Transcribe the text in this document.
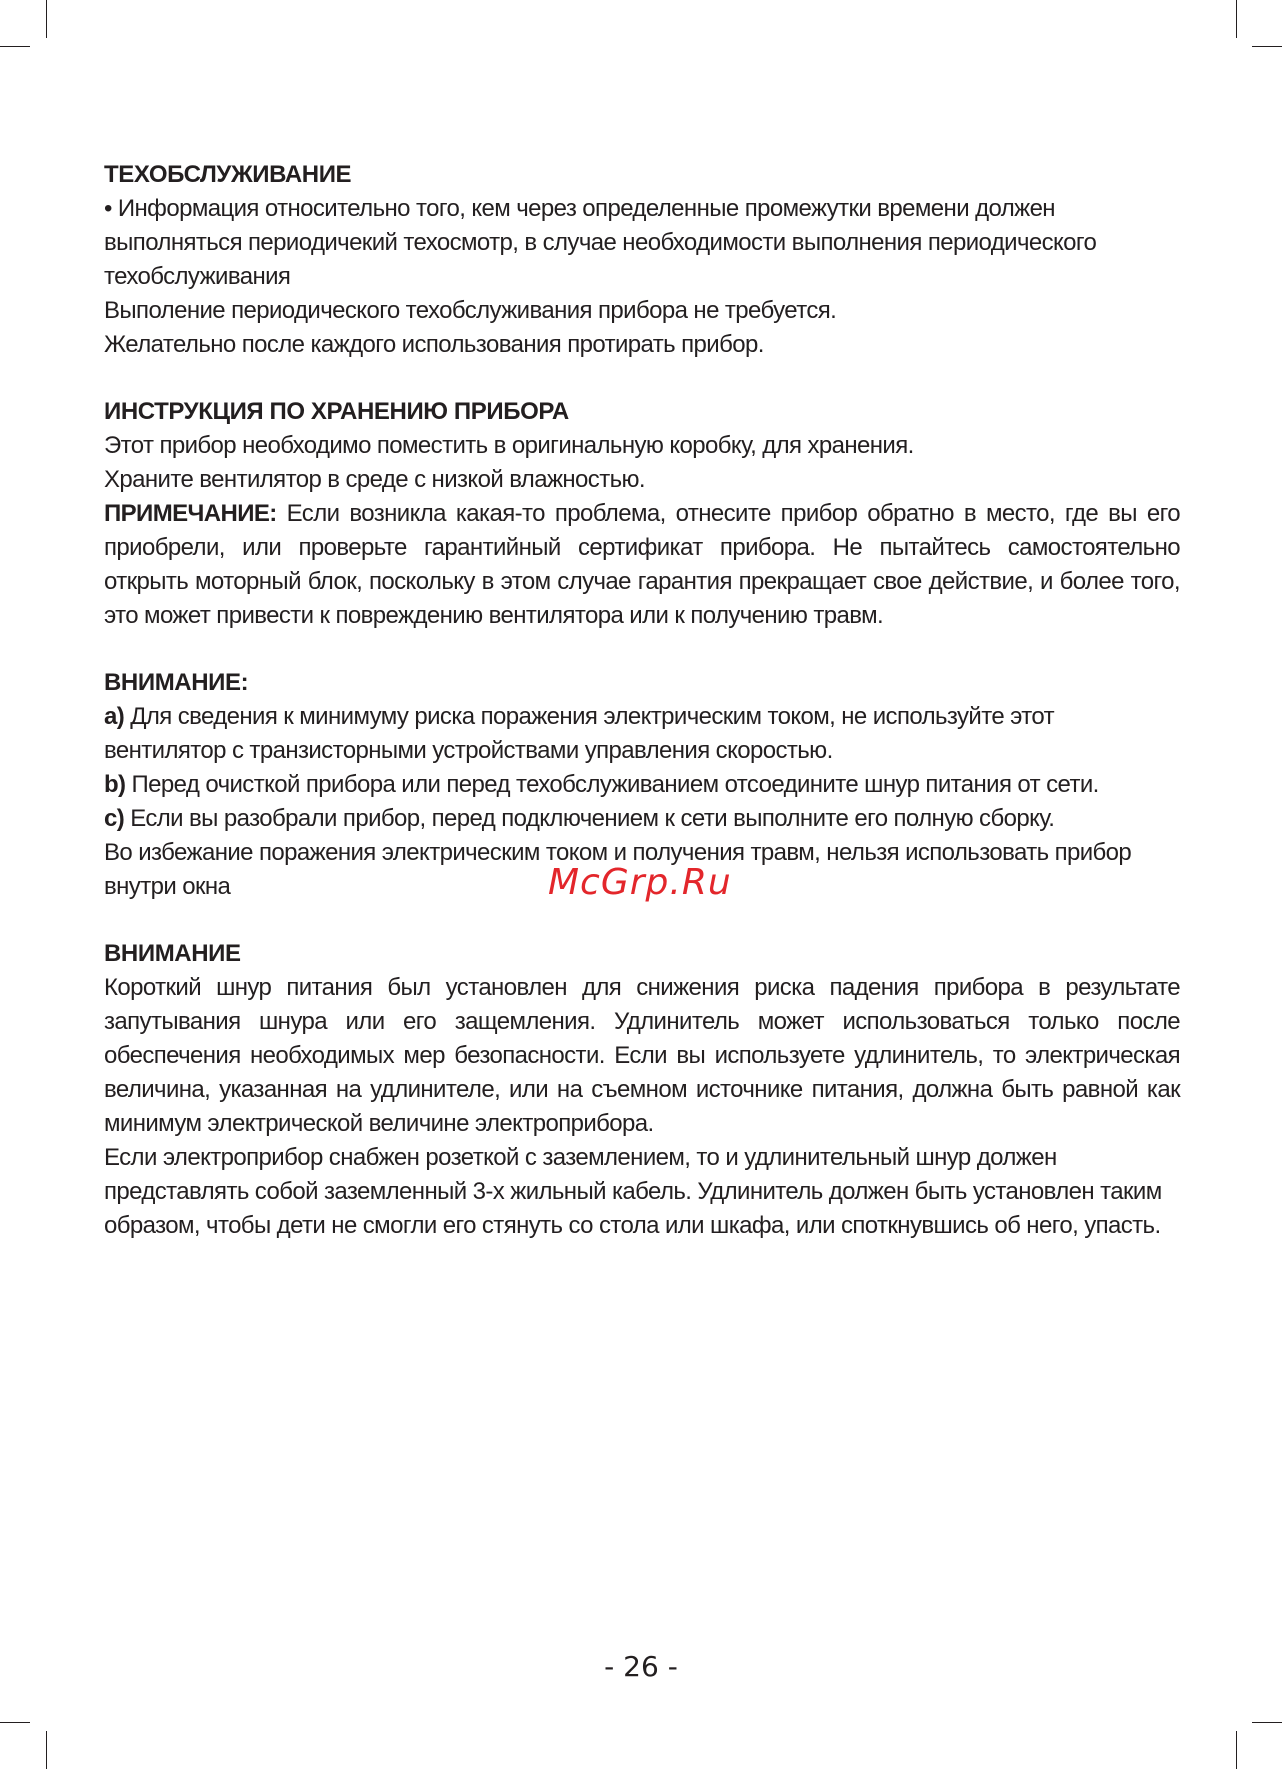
ТЕХОБСЛУЖИВАНИЕ

• Информация относительно того, кем через определенные промежутки времени должен выполняться периодичекий техосмотр, в случае необходимости выполнения периодического техобслуживания

Выполение периодического техобслуживания прибора не требуется.

Желательно после каждого использования протирать прибор.

ИНСТРУКЦИЯ ПО ХРАНЕНИЮ ПРИБОРА

Этот прибор необходимо поместить в оригинальную коробку, для хранения.

Храните вентилятор в среде с низкой влажностью.

ПРИМЕЧАНИЕ: Если возникла какая-то проблема, отнесите прибор обратно в место, где вы его приобрели, или проверьте гарантийный сертификат прибора. Не пытайтесь самостоятельно открыть моторный блок, поскольку в этом случае гарантия прекращает свое действие, и более того, это может привести к повреждению вентилятора или к получению травм.

ВНИМАНИЕ:

a) Для сведения к минимуму риска поражения электрическим током, не используйте этот вентилятор с транзисторными устройствами управления скоростью.

b) Перед очисткой прибора или перед техобслуживанием отсоедините шнур питания от сети.

c) Если вы разобрали прибор, перед подключением к сети выполните его полную сборку.

Во избежание поражения электрическим током и получения травм, нельзя использовать прибор внутри окна

ВНИМАНИЕ

Короткий шнур питания был установлен для снижения риска падения прибора в результате запутывания шнура или его защемления. Удлинитель может использоваться только после обеспечения необходимых мер безопасности. Если вы используете удлинитель, то электрическая величина, указанная на удлинителе, или на съемном источнике питания, должна быть равной как минимум электрической величине электроприбора.

Если электроприбор снабжен розеткой с заземлением, то и удлинительный шнур должен представлять собой заземленный 3-х жильный кабель. Удлинитель должен быть установлен таким образом, чтобы дети не смогли его стянуть со стола или шкафа, или споткнувшись об него, упасть.

McGrp.Ru
- 26 -
